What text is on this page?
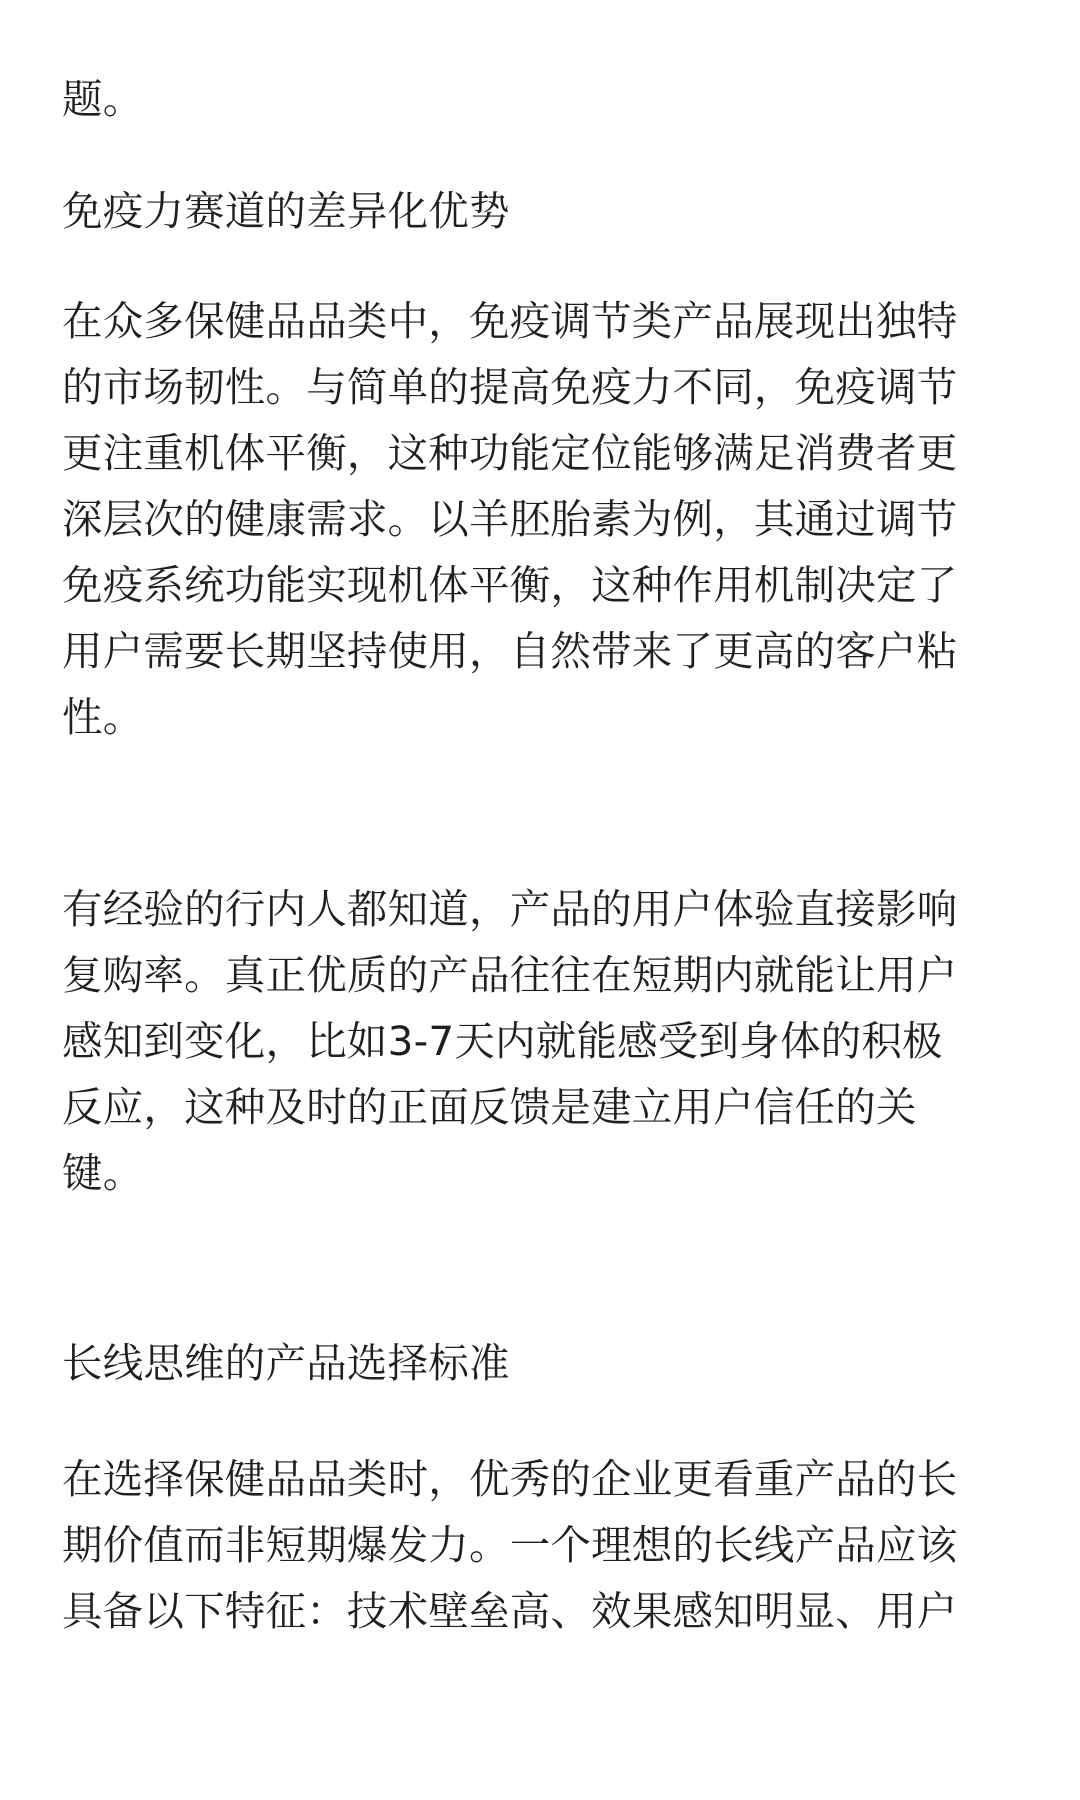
题。

免疫力赛道的差异化优势

在众多保健品品类中，免疫调节类产品展现出独特
的市场韧性。与简单的提高免疫力不同，免疫调节
更注重机体平衡，这种功能定位能够满足消费者更
深层次的健康需求。以羊胚胎素为例，其通过调节
免疫系统功能实现机体平衡，这种作用机制决定了
用户需要长期坚持使用，自然带来了更高的客户粘
性。

有经验的行内人都知道，产品的用户体验直接影响
复购率。真正优质的产品往往在短期内就能让用户
感知到变化，比如3-7天内就能感受到身体的积极
反应，这种及时的正面反馈是建立用户信任的关
键。

长线思维的产品选择标准

在选择保健品品类时，优秀的企业更看重产品的长
期价值而非短期爆发力。一个理想的长线产品应该
具备以下特征：技术壁垒高、效果感知明显、用户
